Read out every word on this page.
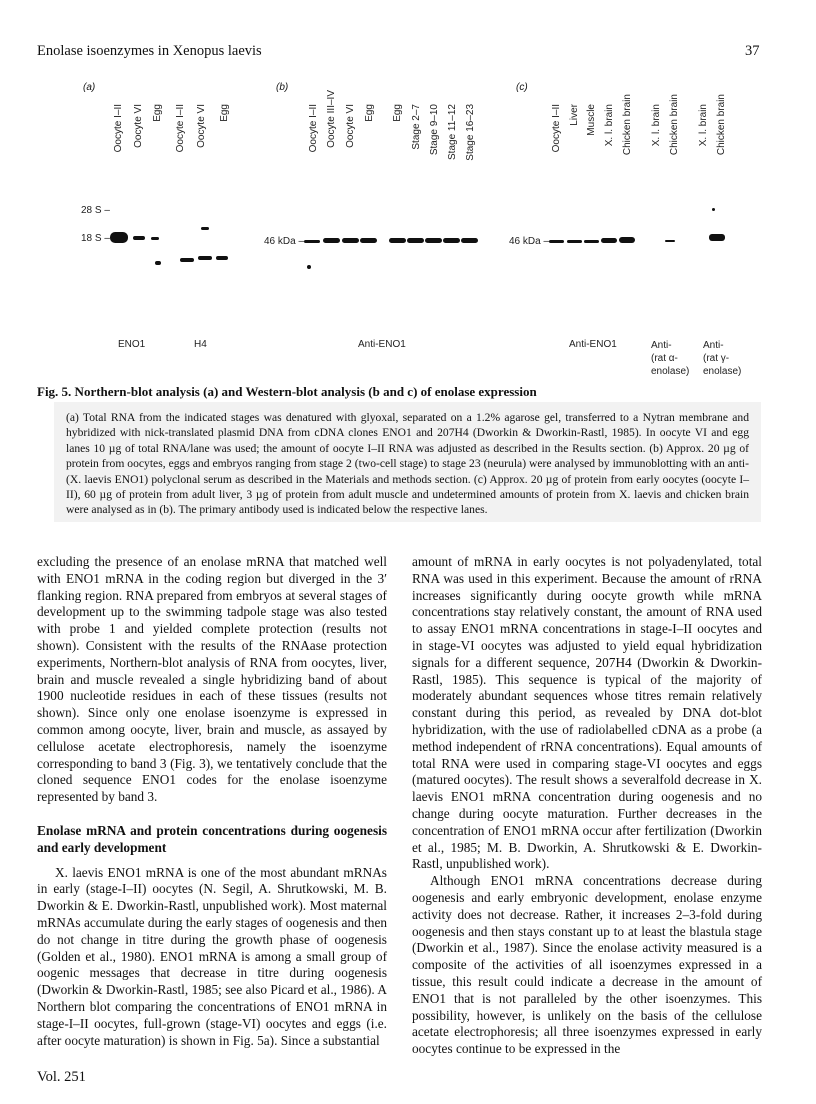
Enolase isoenzymes in Xenopus laevis	37
(a)	(b)	(c)
Oocyte I–II Oocyte VI Egg Oocyte I–II Oocyte VI Egg
28 S –
18 S –
ENO1	H4
Oocyte I–II Oocyte III–IV Oocyte VI Egg Egg Stage 2–7 Stage 9–10 Stage 11–12 Stage 16–23
46 kDa –
Anti-ENO1
Oocyte I–II Liver Muscle X. l. brain Chicken brain X. l. brain Chicken brain X. l. brain Chicken brain
46 kDa –
Anti-ENO1	Anti-
(rat α-
enolase)
Anti-
(rat γ-
enolase)
Fig. 5. Northern-blot analysis (a) and Western-blot analysis (b and c) of enolase expression

(a) Total RNA from the indicated stages was denatured with glyoxal, separated on a 1.2% agarose gel, transferred to a Nytran membrane and hybridized with nick-translated plasmid DNA from cDNA clones ENO1 and 207H4 (Dworkin & Dworkin-Rastl, 1985). In oocyte VI and egg lanes 10 µg of total RNA/lane was used; the amount of oocyte I–II RNA was adjusted as described in the Results section. (b) Approx. 20 µg of protein from oocytes, eggs and embryos ranging from stage 2 (two-cell stage) to stage 23 (neurula) were analysed by immunoblotting with an anti-(X. laevis ENO1) polyclonal serum as described in the Materials and methods section. (c) Approx. 20 µg of protein from early oocytes (oocyte I–II), 60 µg of protein from adult liver, 3 µg of protein from adult muscle and undetermined amounts of protein from X. laevis and chicken brain were analysed as in (b). The primary antibody used is indicated below the respective lanes.

excluding the presence of an enolase mRNA that matched well with ENO1 mRNA in the coding region but diverged in the 3′ flanking region. RNA prepared from embryos at several stages of development up to the swimming tadpole stage was also tested with probe 1 and yielded complete protection (results not shown). Consistent with the results of the RNAase protection experiments, Northern-blot analysis of RNA from oocytes, liver, brain and muscle revealed a single hybridizing band of about 1900 nucleotide residues in each of these tissues (results not shown). Since only one enolase isoenzyme is expressed in common among oocyte, liver, brain and muscle, as assayed by cellulose acetate electrophoresis, namely the isoenzyme corresponding to band 3 (Fig. 3), we tentatively conclude that the cloned sequence ENO1 codes for the enolase isoenzyme represented by band 3.

Enolase mRNA and protein concentrations during oogenesis and early development

X. laevis ENO1 mRNA is one of the most abundant mRNAs in early (stage-I–II) oocytes (N. Segil, A. Shrutkowski, M. B. Dworkin & E. Dworkin-Rastl, unpublished work). Most maternal mRNAs accumulate during the early stages of oogenesis and then do not change in titre during the growth phase of oogenesis (Golden et al., 1980). ENO1 mRNA is among a small group of oogenic messages that decrease in titre during oogenesis (Dworkin & Dworkin-Rastl, 1985; see also Picard et al., 1986). A Northern blot comparing the concentrations of ENO1 mRNA in stage-I–II oocytes, full-grown (stage-VI) oocytes and eggs (i.e. after oocyte maturation) is shown in Fig. 5a). Since a substantial

amount of mRNA in early oocytes is not polyadenylated, total RNA was used in this experiment. Because the amount of rRNA increases significantly during oocyte growth while mRNA concentrations stay relatively constant, the amount of RNA used to assay ENO1 mRNA concentrations in stage-I–II oocytes and in stage-VI oocytes was adjusted to yield equal hybridization signals for a different sequence, 207H4 (Dworkin & Dworkin-Rastl, 1985). This sequence is typical of the majority of moderately abundant sequences whose titres remain relatively constant during this period, as revealed by DNA dot-blot hybridization, with the use of radiolabelled cDNA as a probe (a method independent of rRNA concentrations). Equal amounts of total RNA were used in comparing stage-VI oocytes and eggs (matured oocytes). The result shows a severalfold decrease in X. laevis ENO1 mRNA concentration during oogenesis and no change during oocyte maturation. Further decreases in the concentration of ENO1 mRNA occur after fertilization (Dworkin et al., 1985; M. B. Dworkin, A. Shrutkowski & E. Dworkin-Rastl, unpublished work).

Although ENO1 mRNA concentrations decrease during oogenesis and early embryonic development, enolase enzyme activity does not decrease. Rather, it increases 2–3-fold during oogenesis and then stays constant up to at least the blastula stage (Dworkin et al., 1987). Since the enolase activity measured is a composite of the activities of all isoenzymes expressed in a tissue, this result could indicate a decrease in the amount of ENO1 that is not paralleled by the other isoenzymes. This possibility, however, is unlikely on the basis of the cellulose acetate electrophoresis; all three isoenzymes expressed in early oocytes continue to be expressed in the

Vol. 251
